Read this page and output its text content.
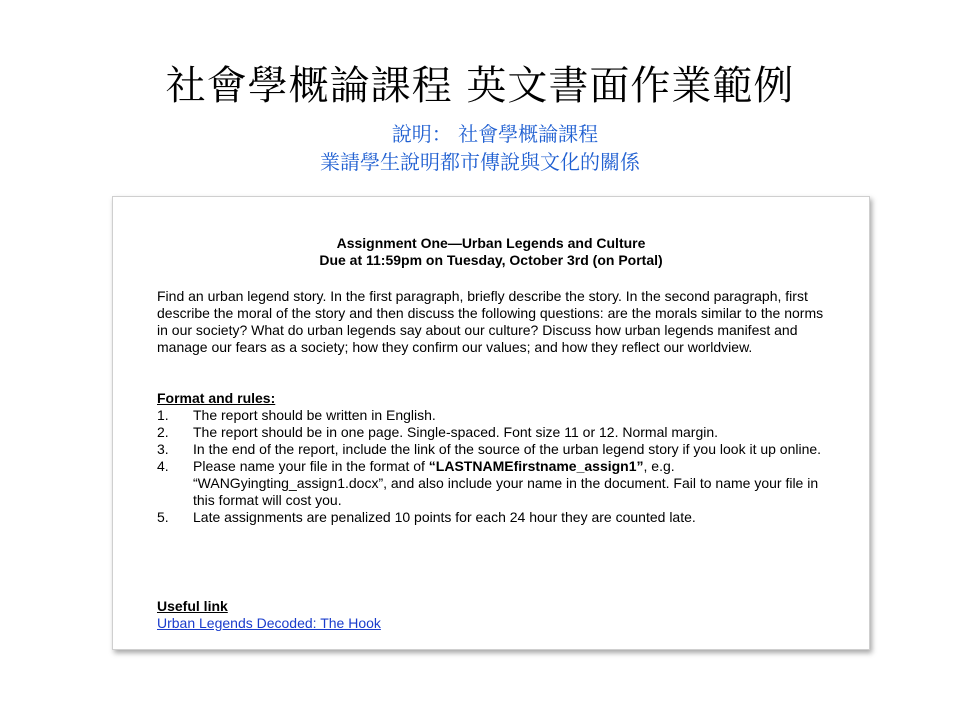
社會學概論課程 英文書面作業範例
說明： 社會學概論課程
業請學生說明都市傳說與文化的關係
Assignment One—Urban Legends and Culture
Due at 11:59pm on Tuesday, October 3rd (on Portal)
Find an urban legend story. In the first paragraph, briefly describe the story. In the second paragraph, first describe the moral of the story and then discuss the following questions: are the morals similar to the norms in our society? What do urban legends say about our culture? Discuss how urban legends manifest and manage our fears as a society; how they confirm our values; and how they reflect our worldview.
Format and rules:
1. The report should be written in English.
2. The report should be in one page. Single-spaced. Font size 11 or 12. Normal margin.
3. In the end of the report, include the link of the source of the urban legend story if you look it up online.
4. Please name your file in the format of “LASTNAMEfirstname_assign1”, e.g. “WANGyingting_assign1.docx”, and also include your name in the document. Fail to name your file in this format will cost you.
5. Late assignments are penalized 10 points for each 24 hour they are counted late.
Useful link
Urban Legends Decoded: The Hook
